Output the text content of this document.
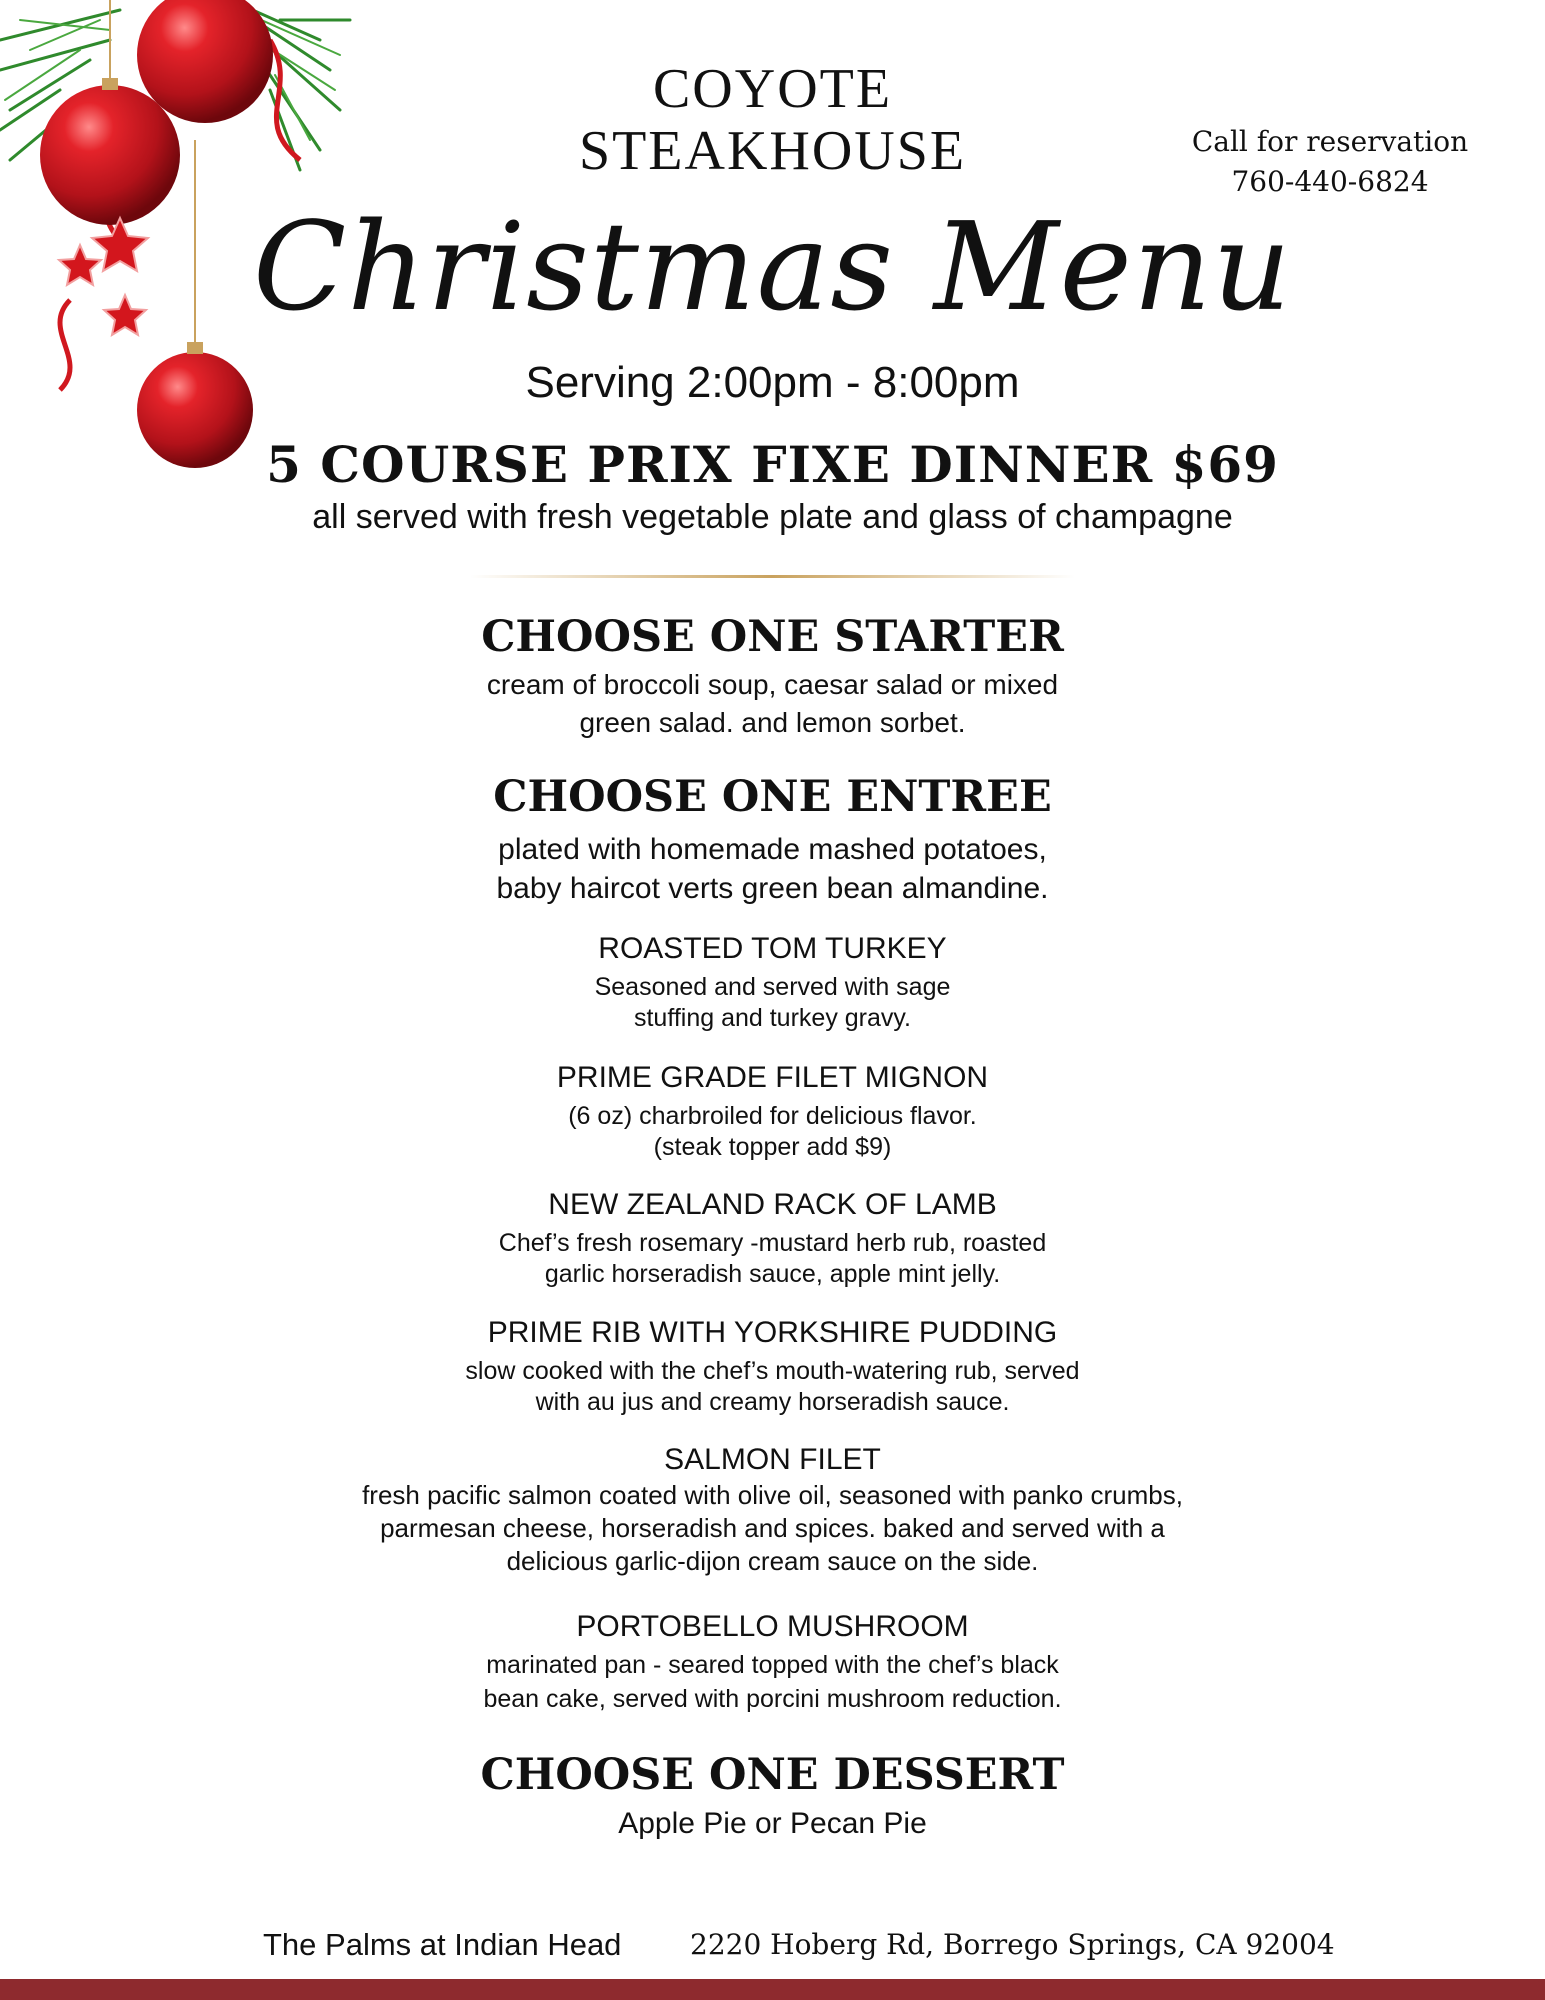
COYOTE
STEAKHOUSE	Call for reservation
760-440-6824
Christmas Menu
Serving 2:00pm - 8:00pm
5 COURSE PRIX FIXE DINNER $69
all served with fresh vegetable plate and glass of champagne
CHOOSE ONE STARTER
cream of broccoli soup, caesar salad or mixed
green salad. and lemon sorbet.
CHOOSE ONE ENTREE
plated with homemade mashed potatoes,
baby haircot verts green bean almandine.
ROASTED TOM TURKEY
Seasoned and served with sage
stuffing and turkey gravy.
PRIME GRADE FILET MIGNON
(6 oz) charbroiled for delicious flavor.
(steak topper add $9)
NEW ZEALAND RACK OF LAMB
Chef’s fresh rosemary -mustard herb rub, roasted
garlic horseradish sauce, apple mint jelly.
PRIME RIB WITH YORKSHIRE PUDDING
slow cooked with the chef’s mouth-watering rub, served
with au jus and creamy horseradish sauce.
SALMON FILET
fresh pacific salmon coated with olive oil, seasoned with panko crumbs,
parmesan cheese, horseradish and spices. baked and served with a
delicious garlic-dijon cream sauce on the side.
PORTOBELLO MUSHROOM
marinated pan - seared topped with the chef’s black
bean cake, served with porcini mushroom reduction.
CHOOSE ONE DESSERT
Apple Pie or Pecan Pie
The Palms at Indian Head 2220 Hoberg Rd, Borrego Springs, CA 92004
